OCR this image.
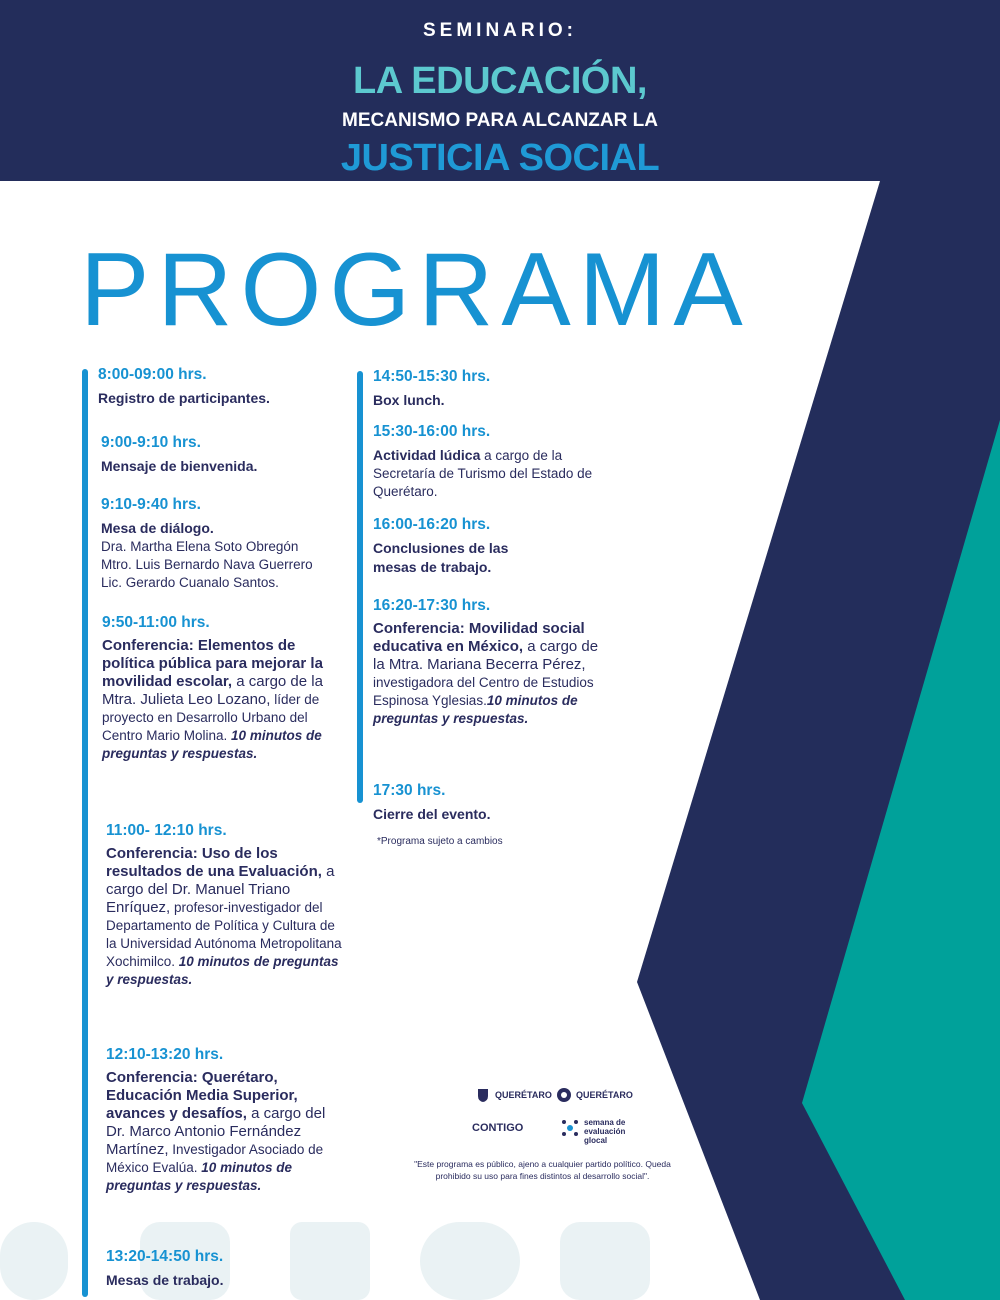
SEMINARIO:
LA EDUCACIÓN,
MECANISMO PARA ALCANZAR LA
JUSTICIA SOCIAL
PROGRAMA
8:00-09:00 hrs.
Registro de participantes.
9:00-9:10 hrs.
Mensaje de bienvenida.
9:10-9:40 hrs.
Mesa de diálogo.
Dra. Martha Elena Soto Obregón
Mtro. Luis Bernardo Nava Guerrero
Lic. Gerardo Cuanalo Santos.
9:50-11:00 hrs.
Conferencia: Elementos de política pública para mejorar la movilidad escolar, a cargo de la Mtra. Julieta Leo Lozano, líder de proyecto en Desarrollo Urbano del Centro Mario Molina. 10 minutos de preguntas y respuestas.
11:00- 12:10 hrs.
Conferencia: Uso de los resultados de una Evaluación, a cargo del Dr. Manuel Triano Enríquez, profesor-investigador del Departamento de Política y Cultura de la Universidad Autónoma Metropolitana Xochimilco. 10 minutos de preguntas y respuestas.
12:10-13:20 hrs.
Conferencia: Querétaro, Educación Media Superior, avances y desafíos, a cargo del Dr. Marco Antonio Fernández Martínez, Investigador Asociado de México Evalúa. 10 minutos de preguntas y respuestas.
13:20-14:50 hrs.
Mesas de trabajo.
14:50-15:30 hrs.
Box lunch.
15:30-16:00 hrs.
Actividad lúdica a cargo de la Secretaría de Turismo del Estado de Querétaro.
16:00-16:20 hrs.
Conclusiones de las mesas de trabajo.
16:20-17:30 hrs.
Conferencia: Movilidad social educativa en México, a cargo de la Mtra. Mariana Becerra Pérez, investigadora del Centro de Estudios Espinosa Yglesias.10 minutos de preguntas y respuestas.
17:30 hrs.
Cierre del evento.
*Programa sujeto a cambios
QUERÉTARO	QUERÉTARO
CONTIGO	semana de
evaluación
glocal
"Este programa es público, ajeno a cualquier partido político. Queda prohibido su uso para fines distintos al desarrollo social".
